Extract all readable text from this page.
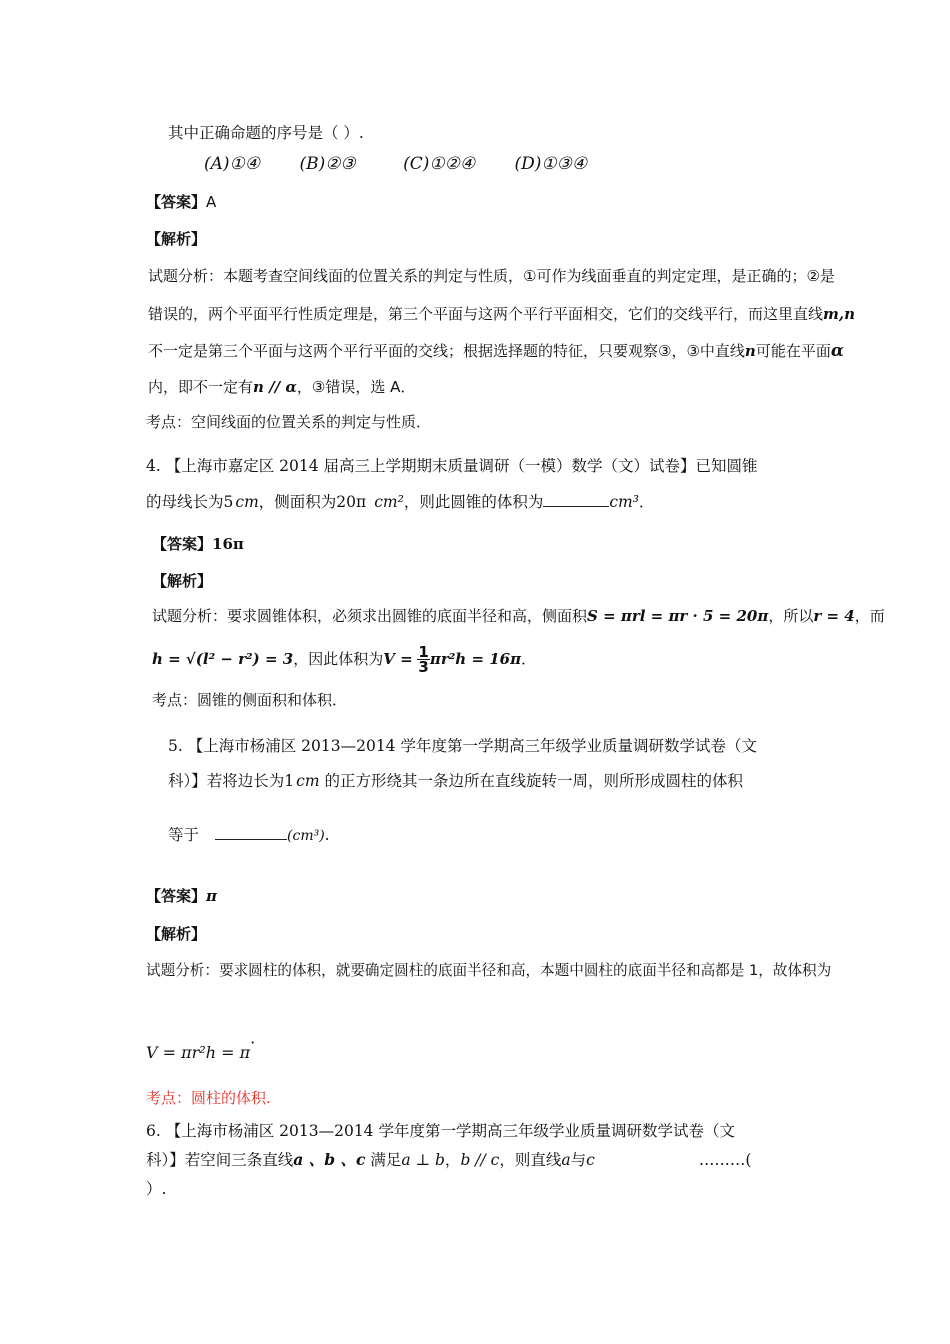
其中正确命题的序号是（ ）.
(A)①④ (B)②③	(C)①②④ (D)①③④
【答案】A
【解析】
试题分析：本题考查空间线面的位置关系的判定与性质，①可作为线面垂直的判定定理，是正确的；②是
错误的，两个平面平行性质定理是，第三个平面与这两个平行平面相交，它们的交线平行，而这里直线m,n
不一定是第三个平面与这两个平行平面的交线；根据选择题的特征，只要观察③，③中直线n可能在平面α
内，即不一定有n // α，③错误，选 A．
考点：空间线面的位置关系的判定与性质．
4. 【上海市嘉定区 2014 届高三上学期期末质量调研（一模）数学（文）试卷】已知圆锥
的母线长为5 cm，侧面积为20π cm²，则此圆锥的体积为	cm³．
【答案】16π
【解析】
试题分析：要求圆锥体积，必须求出圆锥的底面半径和高，侧面积S = πrl = πr · 5 = 20π，所以r = 4，而
h = √(l² − r²) = 3，因此体积为$V = \frac{1}{3} \pi r^2h = 16\pi$．
考点：圆锥的侧面积和体积．
5. 【上海市杨浦区 2013—2014 学年度第一学期高三年级学业质量调研数学试卷（文
科）】若将边长为1 cm 的正方形绕其一条边所在直线旋转一周，则所形成圆柱的体积
等于	(cm³).
【答案】π
【解析】
试题分析：要求圆柱的体积，就要确定圆柱的底面半径和高，本题中圆柱的底面半径和高都是 1，故体积为
V = πr²h = π·
考点：圆柱的体积.
6. 【上海市杨浦区 2013—2014 学年度第一学期高三年级学业质量调研数学试卷（文
科）】若空间三条直线a 、b 、c 满足a ⊥ b，b // c，则直线a与c	………(
）.
